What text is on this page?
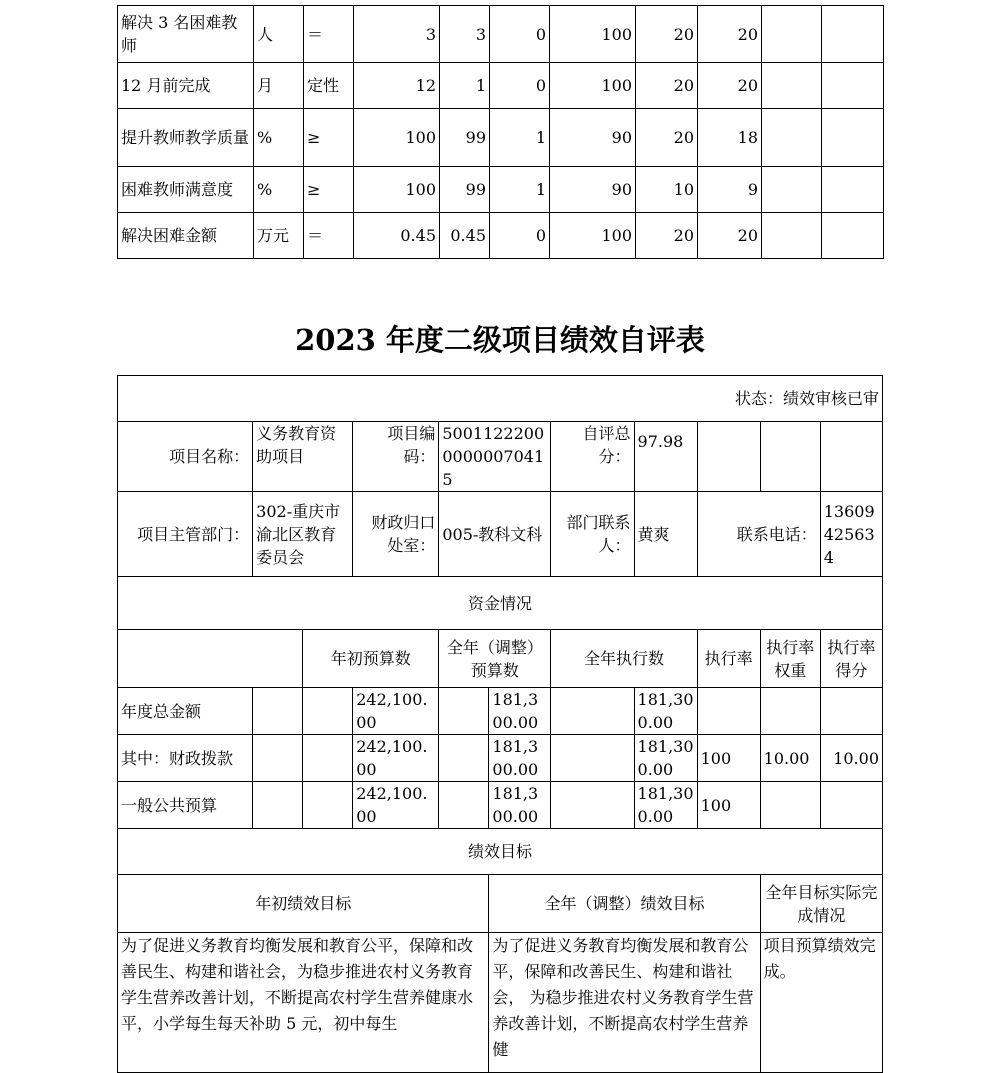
解决 3 名困难教师	人	＝	3	3	0	100	20	20		
12 月前完成	月	定性	12	1	0	100	20	20		
提升教师教学质量	%	≥	100	99	1	90	20	18		
困难教师满意度	%	≥	100	99	1	90	10	9		
解决困难金额	万元	＝	0.45	0.45	0	100	20	20		
2023 年度二级项目绩效自评表
状态：绩效审核已审										
项目名称：	义务教育资助项目		项目编码：	500112220000000070415		自评总分：	97.98			
项目主管部门：	302-重庆市渝北区教育委员会		财政归口处室：	005-教科文科		部门联系人：	黄爽	联系电话：		13609425634
资金情况										
		年初预算数		全年（调整）预算数		全年执行数		执行率	执行率权重	执行率得分
年度总金额			242,100.00		181,300.00		181,300.00			
其中：财政拨款			242,100.00		181,300.00		181,300.00	100	10.00	10.00
一般公共预算			242,100.00		181,300.00		181,300.00	100		
绩效目标										
年初绩效目标					全年（调整）绩效目标				全年目标实际完成情况	
为了促进义务教育均衡发展和教育公平，保障和改善民生、构建和谐社会，为稳步推进农村义务教育学生营养改善计划，不断提高农村学生营养健康水平，小学每生每天补助 5 元，初中每生					为了促进义务教育均衡发展和教育公平，保障和改善民生、构建和谐社会， 为稳步推进农村义务教育学生营养改善计划，不断提高农村学生营养健				项目预算绩效完成。	
